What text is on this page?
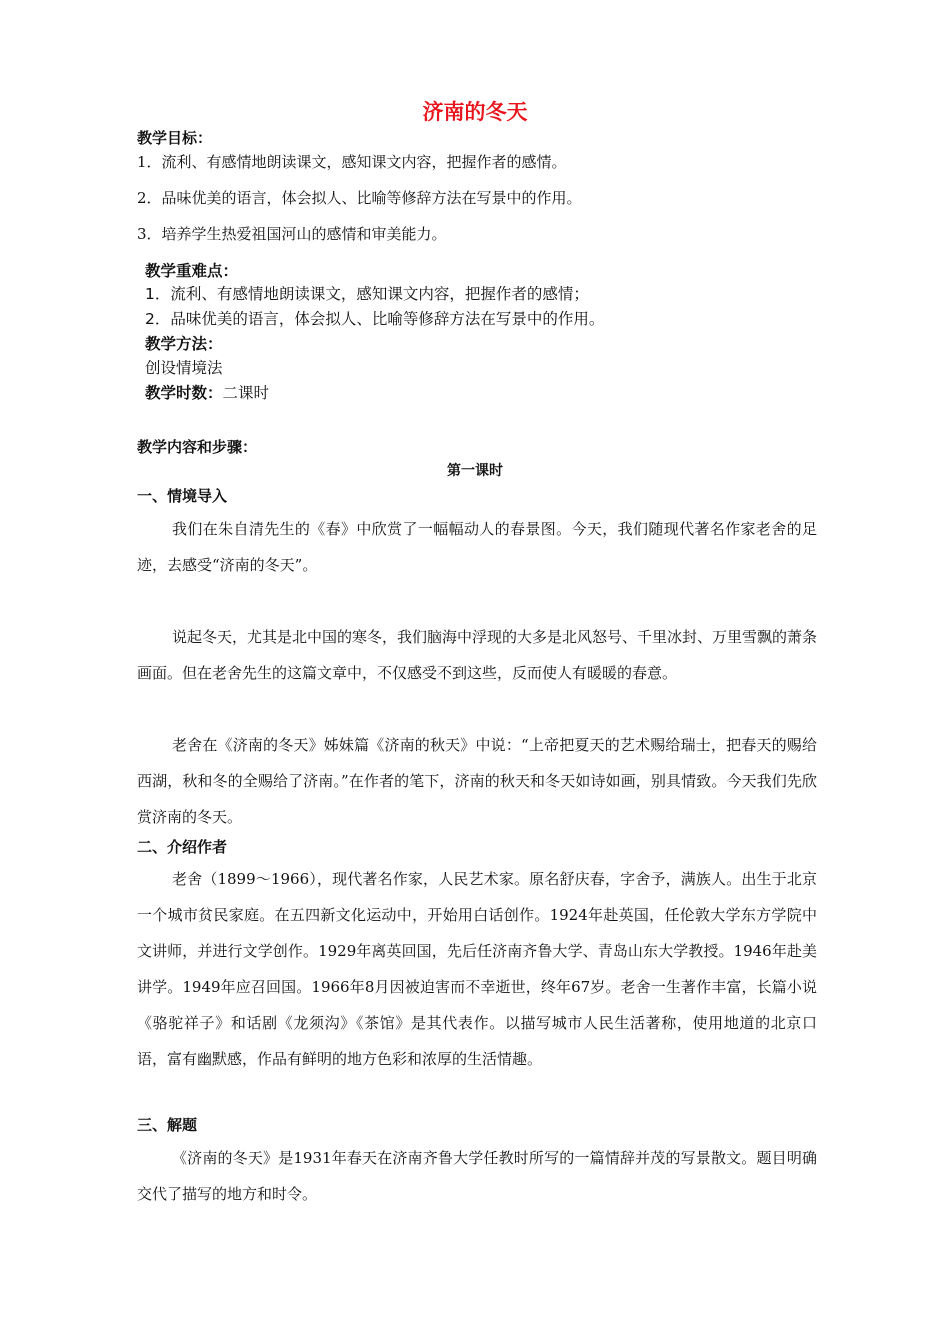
济南的冬天
教学目标：
1．流利、有感情地朗读课文，感知课文内容，把握作者的感情。
2．品味优美的语言，体会拟人、比喻等修辞方法在写景中的作用。
3．培养学生热爱祖国河山的感情和审美能力。
教学重难点：
1．流利、有感情地朗读课文，感知课文内容，把握作者的感情；
2．品味优美的语言，体会拟人、比喻等修辞方法在写景中的作用。
教学方法：
创设情境法
教学时数：二课时
教学内容和步骤：
第一课时
一、情境导入
我们在朱自清先生的《春》中欣赏了一幅幅动人的春景图。今天，我们随现代著名作家老舍的足迹，去感受“济南的冬天”。
说起冬天，尤其是北中国的寒冬，我们脑海中浮现的大多是北风怒号、千里冰封、万里雪飘的萧条画面。但在老舍先生的这篇文章中，不仅感受不到这些，反而使人有暖暖的春意。
老舍在《济南的冬天》姊妹篇《济南的秋天》中说：“上帝把夏天的艺术赐给瑞士，把春天的赐给西湖，秋和冬的全赐给了济南。”在作者的笔下，济南的秋天和冬天如诗如画，别具情致。今天我们先欣赏济南的冬天。
二、介绍作者
老舍（1899～1966），现代著名作家，人民艺术家。原名舒庆春，字舍予，满族人。出生于北京一个城市贫民家庭。在五四新文化运动中，开始用白话创作。1924年赴英国，任伦敦大学东方学院中文讲师，并进行文学创作。1929年离英回国，先后任济南齐鲁大学、青岛山东大学教授。1946年赴美讲学。1949年应召回国。1966年8月因被迫害而不幸逝世，终年67岁。老舍一生著作丰富，长篇小说《骆驼祥子》和话剧《龙须沟》《茶馆》是其代表作。以描写城市人民生活著称，使用地道的北京口语，富有幽默感，作品有鲜明的地方色彩和浓厚的生活情趣。
三、解题
《济南的冬天》是1931年春天在济南齐鲁大学任教时所写的一篇情辞并茂的写景散文。题目明确交代了描写的地方和时令。
